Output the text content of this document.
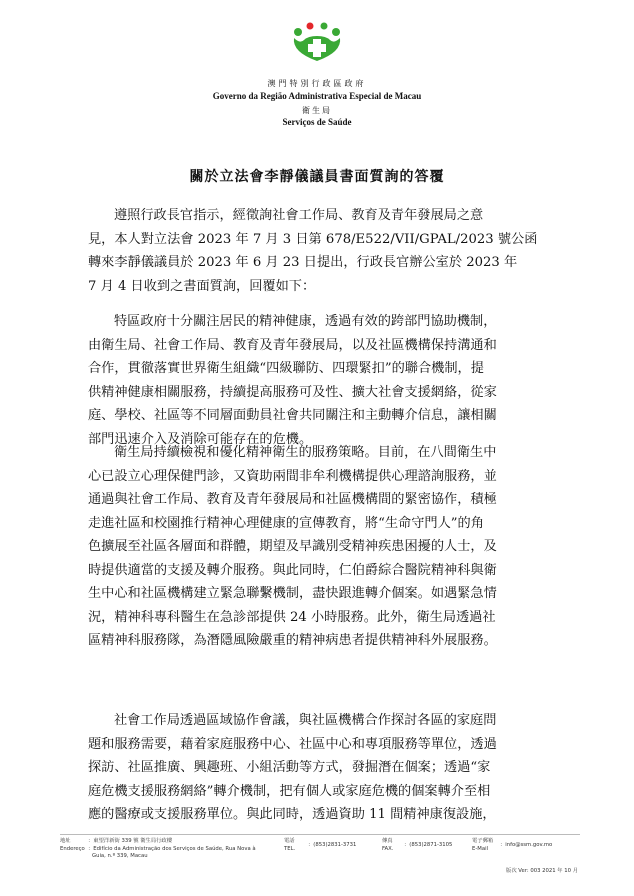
澳門特別行政區政府
Governo da Região Administrativa Especial de Macau
衛生局
Serviços de Saúde
關於立法會李靜儀議員書面質詢的答覆
遵照行政長官指示，經徵詢社會工作局、教育及青年發展局之意
見，本人對立法會 2023 年 7 月 3 日第 678/E522/VII/GPAL/2023 號公函
轉來李靜儀議員於 2023 年 6 月 23 日提出，行政長官辦公室於 2023 年
7 月 4 日收到之書面質詢，回覆如下：
特區政府十分關注居民的精神健康，透過有效的跨部門協助機制，
由衛生局、社會工作局、教育及青年發展局，以及社區機構保持溝通和
合作，貫徹落實世界衛生組織“四級聯防、四環緊扣”的聯合機制，提
供精神健康相關服務，持續提高服務可及性、擴大社會支援網絡，從家
庭、學校、社區等不同層面動員社會共同關注和主動轉介信息，讓相關
部門迅速介入及消除可能存在的危機。
衛生局持續檢視和優化精神衛生的服務策略。目前，在八間衛生中
心已設立心理保健門診，又資助兩間非牟利機構提供心理諮詢服務，並
通過與社會工作局、教育及青年發展局和社區機構間的緊密協作，積極
走進社區和校園推行精神心理健康的宣傳教育，將“生命守門人”的角
色擴展至社區各層面和群體，期望及早識別受精神疾患困擾的人士，及
時提供適當的支援及轉介服務。與此同時，仁伯爵綜合醫院精神科與衛
生中心和社區機構建立緊急聯繫機制，盡快跟進轉介個案。如遇緊急情
況，精神科專科醫生在急診部提供 24 小時服務。此外，衛生局透過社
區精神科服務隊，為潛隱風險嚴重的精神病患者提供精神科外展服務。
社會工作局透過區域協作會議，與社區機構合作探討各區的家庭問
題和服務需要，藉着家庭服務中心、社區中心和專項服務等單位，透過
探訪、社區推廣、興趣班、小組活動等方式，發掘潛在個案；透過“家
庭危機支援服務網絡”轉介機制，把有個人或家庭危機的個案轉介至相
應的醫療或支援服務單位。與此同時，透過資助 11 間精神康復設施，
地址
Endereço
：東望洋新街 339 號 衛生局行政樓
：Edifício da Administração dos Serviços de Saúde, Rua Nova à
Guia, n.º 339, Macau
電話
TEL.
：(853)2831-3731
傳真
FAX.
：(853)2871-3105
電子郵箱
E-Mail
：info@ssm.gov.mo
版次 Ver: 003 2021 年 10 月
